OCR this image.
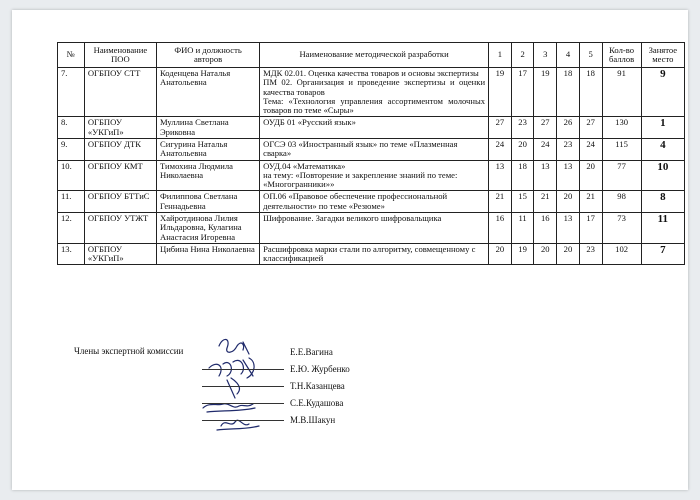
№	Наименование ПОО	ФИО и должность авторов	Наименование методической разработки	1	2	3	4	5	Кол-во баллов	Занятое место
7.	ОГБПОУ СТТ	Коденцева Наталья Анатольевна	МДК 02.01. Оценка качества товаров и основы экспертизы
ПМ 02. Организация и проведение экспертизы и оценки качества товаров
Тема: «Технология управления ассортиментом молочных товаров по теме «Сыры»	19	17	19	18	18	91	9
8.	ОГБПОУ «УКГиП»	Муллина Светлана Эриковна	ОУДБ 01 «Русский язык»	27	23	27	26	27	130	1
9.	ОГБПОУ ДТК	Сигурина Наталья Анатольевна	ОГСЭ 03 «Иностранный язык» по теме «Плазменная сварка»	24	20	24	23	24	115	4
10.	ОГБПОУ КМТ	Тимохина Людмила Николаевна	ОУД.04 «Математика»
на тему: «Повторение и закрепление знаний по теме:
«Многогранники»»	13	18	13	13	20	77	10
11.	ОГБПОУ БТТиС	Филиппова Светлана Геннадьевна	ОП.06 «Правовое обеспечение профессиональной деятельности» по теме «Резюме»	21	15	21	20	21	98	8
12.	ОГБПОУ УТЖТ	Хайротдинова Лилия Ильдаровна, Кулагина Анастасия Игоревна	Шифрование. Загадки великого шифровальщика	16	11	16	13	17	73	11
13.	ОГБПОУ «УКГиП»	Цибина Нина Николаевна	Расшифровка марки стали по алгоритму, совмещенному с классификацией	20	19	20	20	23	102	7
Члены экспертной комиссии	Е.Е.Вагина
Е.Ю. Журбенко
Т.Н.Казанцева
С.Е.Кудашова
М.В.Шакун
